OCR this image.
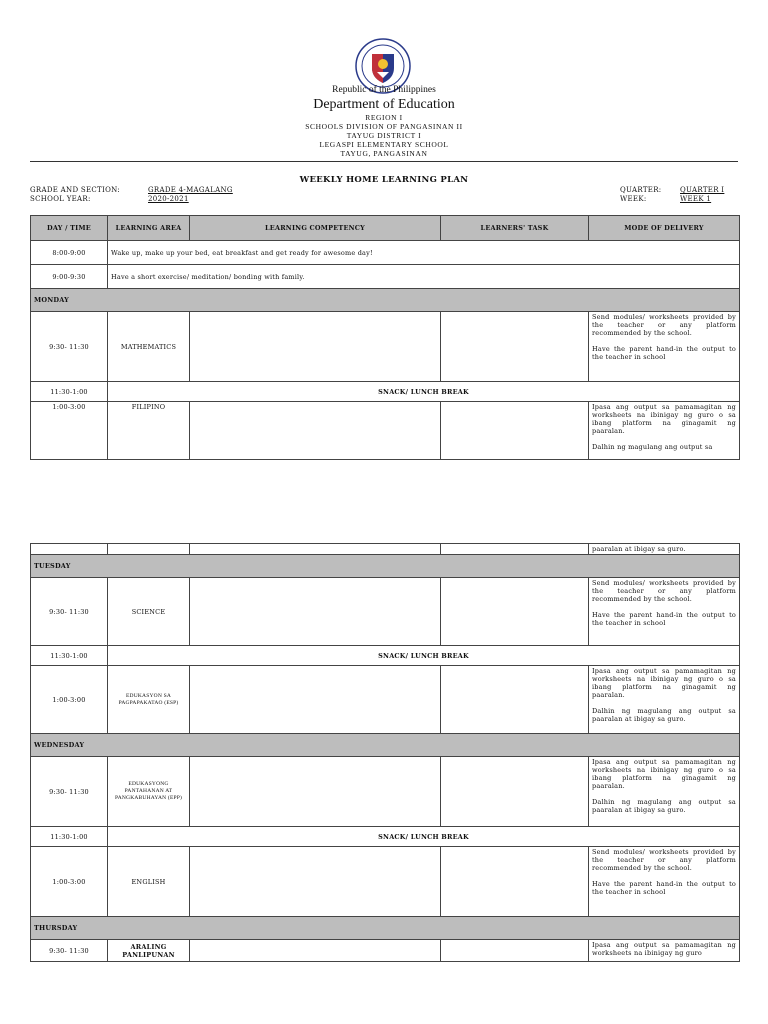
Republic of the Philippines
Department of Education
REGION I
SCHOOLS DIVISION OF PANGASINAN II
TAYUG DISTRICT I
LEGASPI ELEMENTARY SCHOOL
TAYUG, PANGASINAN
WEEKLY HOME LEARNING PLAN
GRADE AND SECTION:	GRADE 4-MAGALANG
SCHOOL YEAR:	2020-2021
QUARTER:	QUARTER I
WEEK:	WEEK 1
DAY / TIME	LEARNING AREA	LEARNING COMPETENCY	LEARNERS' TASK	MODE OF DELIVERY
8:00-9:00	Wake up, make up your bed, eat breakfast and get ready for awesome day!			
9:00-9:30	Have a short exercise/ meditation/ bonding with family.			
MONDAY				
9:30- 11:30	MATHEMATICS			Send modules/ worksheets provided by the teacher or any platform recommended by the school.

Have the parent hand-in the output to the teacher in school

11:30-1:00	SNACK/ LUNCH BREAK			
1:00-3:00	FILIPINO			Ipasa ang output sa pamamagitan ng worksheets na ibinigay ng guro o sa ibang platform na ginagamit ng paaralan.

Dalhin ng magulang ang output sa

				paaralan at ibigay sa guro.
TUESDAY				
9:30- 11:30	SCIENCE			Send modules/ worksheets provided by the teacher or any platform recommended by the school.

Have the parent hand-in the output to the teacher in school

11:30-1:00	SNACK/ LUNCH BREAK			
1:00-3:00	EDUKASYON SA PAGPAPAKATAO (ESP)			Ipasa ang output sa pamamagitan ng worksheets na ibinigay ng guro o sa ibang platform na ginagamit ng paaralan.

Dalhin ng magulang ang output sa paaralan at ibigay sa guro.

WEDNESDAY				
9:30- 11:30	EDUKASYONG PANTAHANAN AT PANGKABUHAYAN (EPP)			Ipasa ang output sa pamamagitan ng worksheets na ibinigay ng guro o sa ibang platform na ginagamit ng paaralan.

Dalhin ng magulang ang output sa paaralan at ibigay sa guro.

11:30-1:00	SNACK/ LUNCH BREAK			
1:00-3:00	ENGLISH			Send modules/ worksheets provided by the teacher or any platform recommended by the school.

Have the parent hand-in the output to the teacher in school

THURSDAY				
9:30- 11:30	ARALING PANLIPUNAN			Ipasa ang output sa pamamagitan ng worksheets na ibinigay ng guro
